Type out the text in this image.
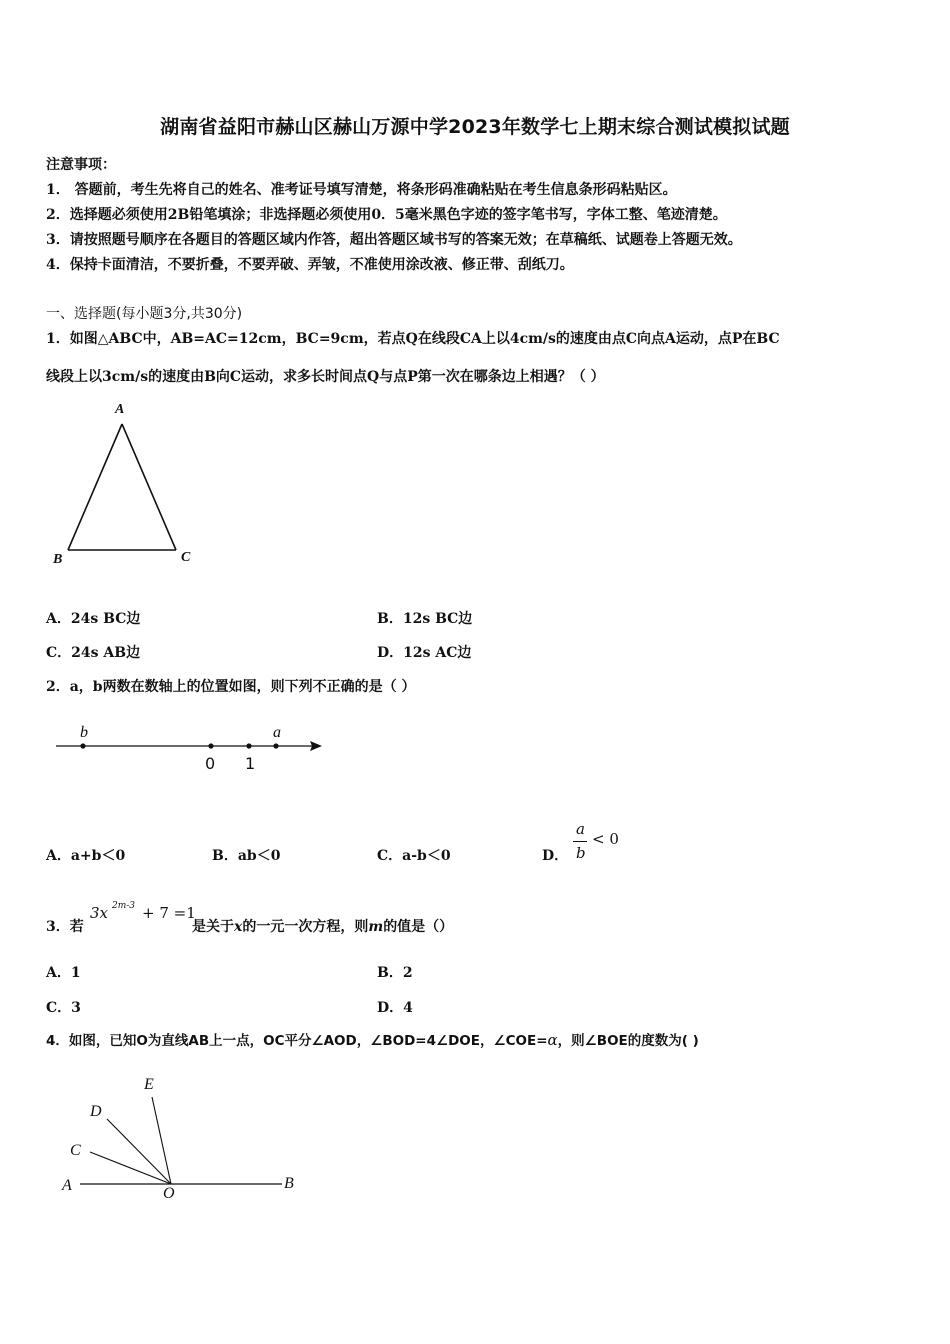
湖南省益阳市赫山区赫山万源中学2023年数学七上期末综合测试模拟试题
注意事项：
1． 答题前，考生先将自己的姓名、准考证号填写清楚，将条形码准确粘贴在考生信息条形码粘贴区。
2．选择题必须使用2B铅笔填涂；非选择题必须使用0．5毫米黑色字迹的签字笔书写，字体工整、笔迹清楚。
3．请按照题号顺序在各题目的答题区域内作答，超出答题区域书写的答案无效；在草稿纸、试题卷上答题无效。
4．保持卡面清洁，不要折叠，不要弄破、弄皱，不准使用涂改液、修正带、刮纸刀。
一、选择题(每小题3分,共30分)
1．如图△ABC中，AB=AC=12cm，BC=9cm，若点Q在线段CA上以4cm/s的速度由点C向点A运动，点P在BC
线段上以3cm/s的速度由B向C运动，求多长时间点Q与点P第一次在哪条边上相遇？（ ）
A
B	C
A．24s BC边	B．12s BC边
C．24s AB边	D．12s AC边
2．a，b两数在数轴上的位置如图，则下列不正确的是（ ）
b	a
0 1
A．a+b＜0	B．ab＜0	C．a-b＜0	D．
a
b
< 0
3．若
3x 2m-3 + 7 =1
是关于x的一元一次方程，则m的值是（）
A．1	B．2
C．3	D．4
4．如图，已知O为直线AB上一点，OC平分∠AOD，∠BOD=4∠DOE，∠COE=α，则∠BOE的度数为( )
E
D
C
A	O
B
